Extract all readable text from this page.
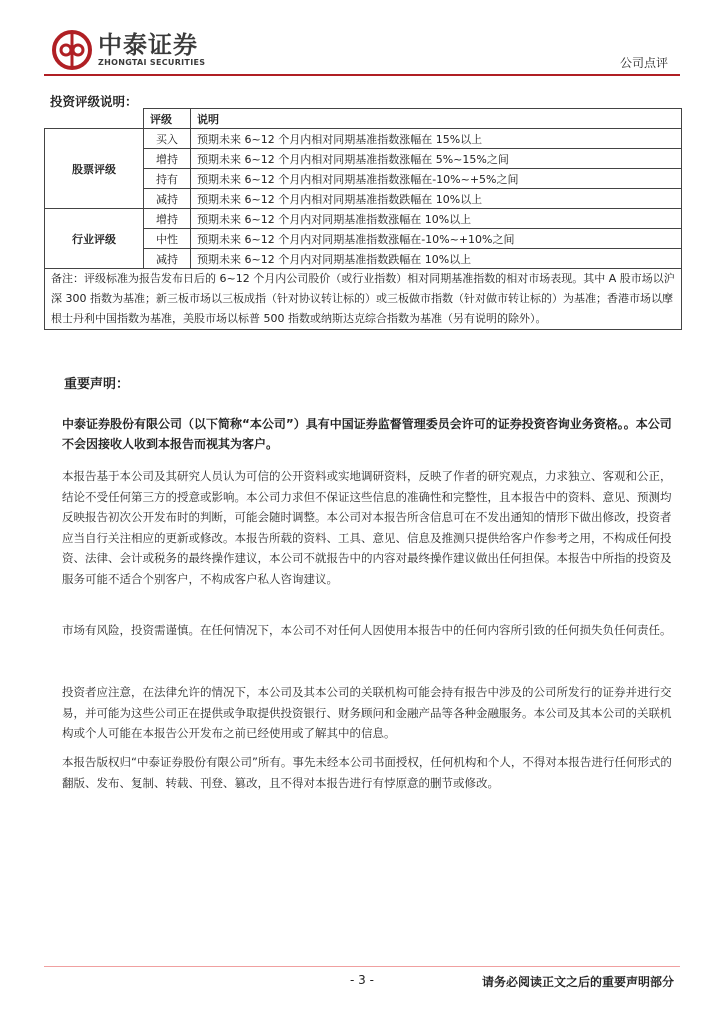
中泰证券
ZHONGTAI SECURITIES	公司点评
投资评级说明：
	评级	说明
股票评级	买入	预期未来 6~12 个月内相对同期基准指数涨幅在 15%以上
	增持	预期未来 6~12 个月内相对同期基准指数涨幅在 5%~15%之间
	持有	预期未来 6~12 个月内相对同期基准指数涨幅在-10%~+5%之间
	减持	预期未来 6~12 个月内相对同期基准指数跌幅在 10%以上
行业评级	增持	预期未来 6~12 个月内对同期基准指数涨幅在 10%以上
	中性	预期未来 6~12 个月内对同期基准指数涨幅在-10%~+10%之间
	减持	预期未来 6~12 个月内对同期基准指数跌幅在 10%以上
备注：评级标准为报告发布日后的 6~12 个月内公司股价（或行业指数）相对同期基准指数的相对市场表现。其中 A 股市场以沪深 300 指数为基准；新三板市场以三板成指（针对协议转让标的）或三板做市指数（针对做市转让标的）为基准；香港市场以摩根士丹利中国指数为基准，美股市场以标普 500 指数或纳斯达克综合指数为基准（另有说明的除外）。		
重要声明：
中泰证券股份有限公司（以下简称“本公司”）具有中国证券监督管理委员会许可的证券投资咨询业务资格。。本公司不会因接收人收到本报告而视其为客户。
本报告基于本公司及其研究人员认为可信的公开资料或实地调研资料，反映了作者的研究观点，力求独立、客观和公正，结论不受任何第三方的授意或影响。本公司力求但不保证这些信息的准确性和完整性，且本报告中的资料、意见、预测均反映报告初次公开发布时的判断，可能会随时调整。本公司对本报告所含信息可在不发出通知的情形下做出修改，投资者应当自行关注相应的更新或修改。本报告所载的资料、工具、意见、信息及推测只提供给客户作参考之用，不构成任何投资、法律、会计或税务的最终操作建议，本公司不就报告中的内容对最终操作建议做出任何担保。本报告中所指的投资及服务可能不适合个别客户，不构成客户私人咨询建议。
市场有风险，投资需谨慎。在任何情况下，本公司不对任何人因使用本报告中的任何内容所引致的任何损失负任何责任。
投资者应注意，在法律允许的情况下，本公司及其本公司的关联机构可能会持有报告中涉及的公司所发行的证券并进行交易，并可能为这些公司正在提供或争取提供投资银行、财务顾问和金融产品等各种金融服务。本公司及其本公司的关联机构或个人可能在本报告公开发布之前已经使用或了解其中的信息。
本报告版权归“中泰证券股份有限公司”所有。事先未经本公司书面授权，任何机构和个人，不得对本报告进行任何形式的翻版、发布、复制、转载、刊登、篡改，且不得对本报告进行有悖原意的删节或修改。
- 3 -	请务必阅读正文之后的重要声明部分
